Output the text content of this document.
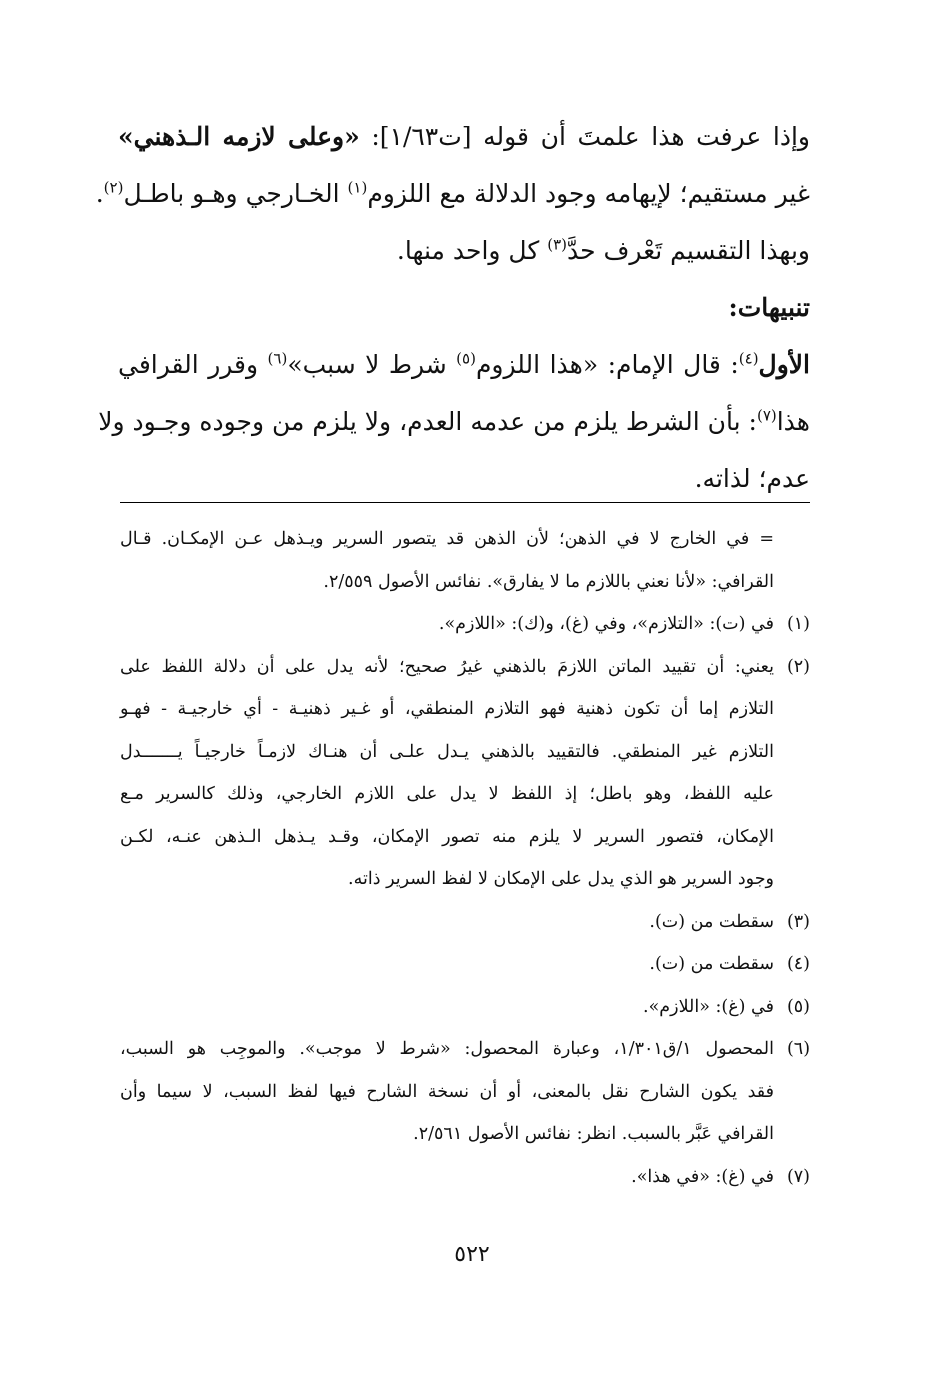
وإذا عرفت هذا علمتَ أن قوله [ت١/٦٣]: «وعلى لازمه الـذهني»
غير مستقيم؛ لإيهامه وجود الدلالة مع اللزوم$^{(١)}$ الخـارجي وهـو باطـل$^{(٢)}$.
وبهذا التقسيم تَعْرف حدَّ$^{(٣)}$ كل واحد منها.
تنبيهات:
الأول$^{(٤)}$: قال الإمام: «هذا اللزوم$^{(٥)}$ شرط لا سبب»$^{(٦)}$ وقرر القرافي
هذا$^{(٧)}$: بأن الشرط يلزم من عدمه العدم، ولا يلزم من وجوده وجـود ولا
عدم؛ لذاته.
= في الخارج لا في الذهن؛ لأن الذهن قد يتصور السرير ويـذهل عـن الإمكـان. قـال
القرافي: «لأنا نعني باللازم ما لا يفارق». نفائس الأصول ٢/٥٥٩.
(١)في (ت): «التلازم»، وفي (غ)، و(ك): «اللازم».
(٢)يعني: أن تقييد الماتن اللازمَ بالذهني غيرُ صحيح؛ لأنه يدل على أن دلالة اللفظ على
التلازم إما أن تكون ذهنية فهو التلازم المنطقي، أو غـير ذهنيـة - أي خارجيـة - فهـو
التلازم غير المنطقي. فالتقييد بالذهني يـدل علـى أن هنـاك لازمـاً خارجيـاً يـــــــدل
عليه اللفظ، وهو باطل؛ إذ اللفظ لا يدل على اللازم الخارجي، وذلك كالسرير مـع
الإمكان، فتصور السرير لا يلزم منه تصور الإمكان، وقـد يـذهل الـذهن عنـه، لكـن
وجود السرير هو الذي يدل على الإمكان لا لفظ السرير ذاته.
(٣)سقطت من (ت).
(٤)سقطت من (ت).
(٥)في (غ): «اللازم».
(٦)المحصول ١/ق١/٣٠١، وعبارة المحصول: «شرط لا موجب». والموجِب هو السبب،
فقد يكون الشارح نقل بالمعنى، أو أن نسخة الشارح فيها لفظ السبب، لا سيما وأن
القرافي عَبَّر بالسبب. انظر: نفائس الأصول ٢/٥٦١.
(٧)في (غ): «في هذا».
٥٢٢
